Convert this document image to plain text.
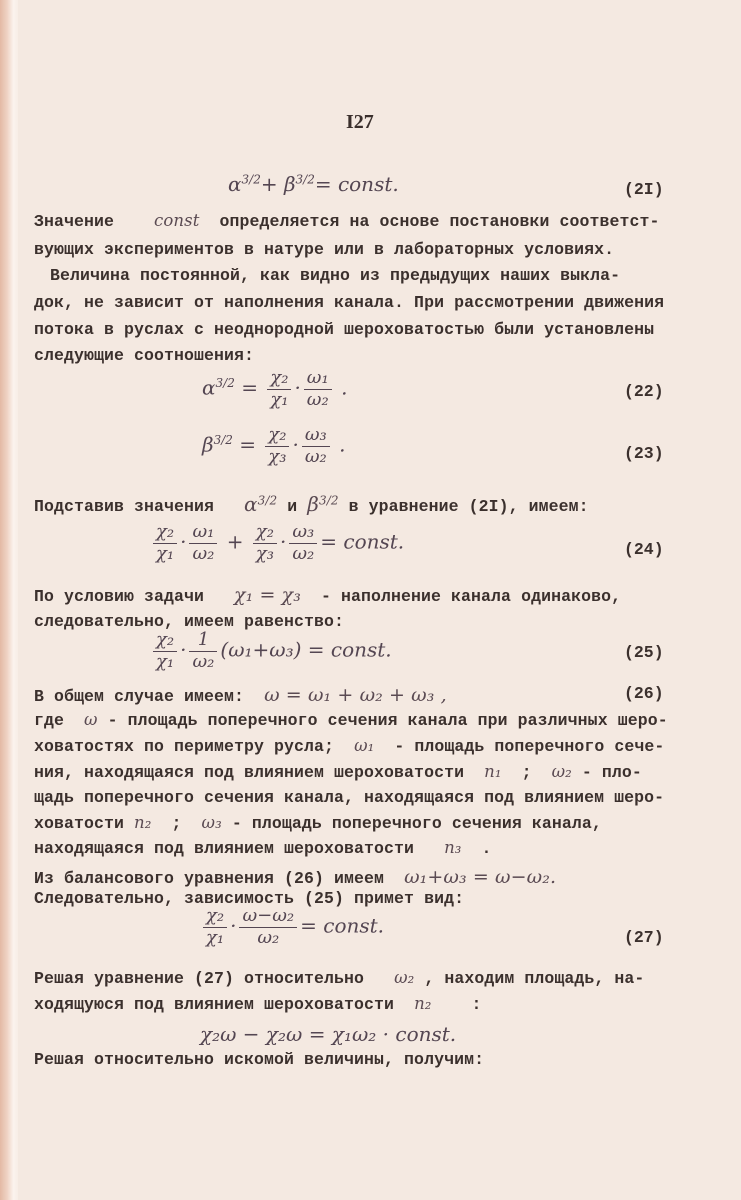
I27
$\alpha^{3/2}+ \beta^{3/2}=$ const.	(2I)
Значение const определяется на основе постановки соответст-
вующих экспериментов в натуре или в лабораторных условиях.
Величина постоянной, как видно из предыдущих наших выкла-
док, не зависит от наполнения канала. При рассмотрении движения
потока в руслах с неоднородной шероховатостью были установлены
следующие соотношения:
$\alpha^{3/2} = \frac{\text{χ₂}}{\text{χ₁}} \cdot \frac{\text{ω₁}}{\text{ω₂}}$ .	(22)
$\beta^{3/2} = \frac{\text{χ₂}}{\text{χ₃}} \cdot \frac{\text{ω₃}}{\text{ω₂}}$ .	(23)
Подставив значения $\alpha^{3/2}$ и $\beta^{3/2}$ в уравнение (2I), имеем:
$\frac{\text{χ₂}}{\text{χ₁}} \cdot \frac{\text{ω₁}}{\text{ω₂}} + \frac{\text{χ₂}}{\text{χ₃}} \cdot \frac{\text{ω₃}}{\text{ω₂}}$ = const.	(24)
По условию задачи χ₁ = χ₃ - наполнение канала одинаково,
следовательно, имеем равенство:
$\frac{\text{χ₂}}{\text{χ₁}} \cdot \frac{1}{\text{ω₂}} (\omega_1+\omega_3)$ = const.	(25)
В общем случае имеем: ω = ω₁ + ω₂ + ω₃ ,	(26)
где ω - площадь поперечного сечения канала при различных шеро-
ховатостях по периметру русла; ω₁ - площадь поперечного сече-
ния, находящаяся под влиянием шероховатости n₁ ; ω₂ - пло-
щадь поперечного сечения канала, находящаяся под влиянием шеро-
ховатости n₂ ; ω₃ - площадь поперечного сечения канала,
находящаяся под влиянием шероховатости n₃ .
Из балансового уравнения (26) имеем ω₁+ω₃ = ω−ω₂.
Следовательно, зависимость (25) примет вид:
$\frac{\text{χ₂}}{\text{χ₁}} \cdot \frac{\text{ω−ω₂}}{\text{ω₂}}$ = const.	(27)
Решая уравнение (27) относительно ω₂ , находим площадь, на-
ходящуюся под влиянием шероховатости n₂ :
χ₂ω − χ₂ω = χ₁ω₂ · const.
Решая относительно искомой величины, получим:
